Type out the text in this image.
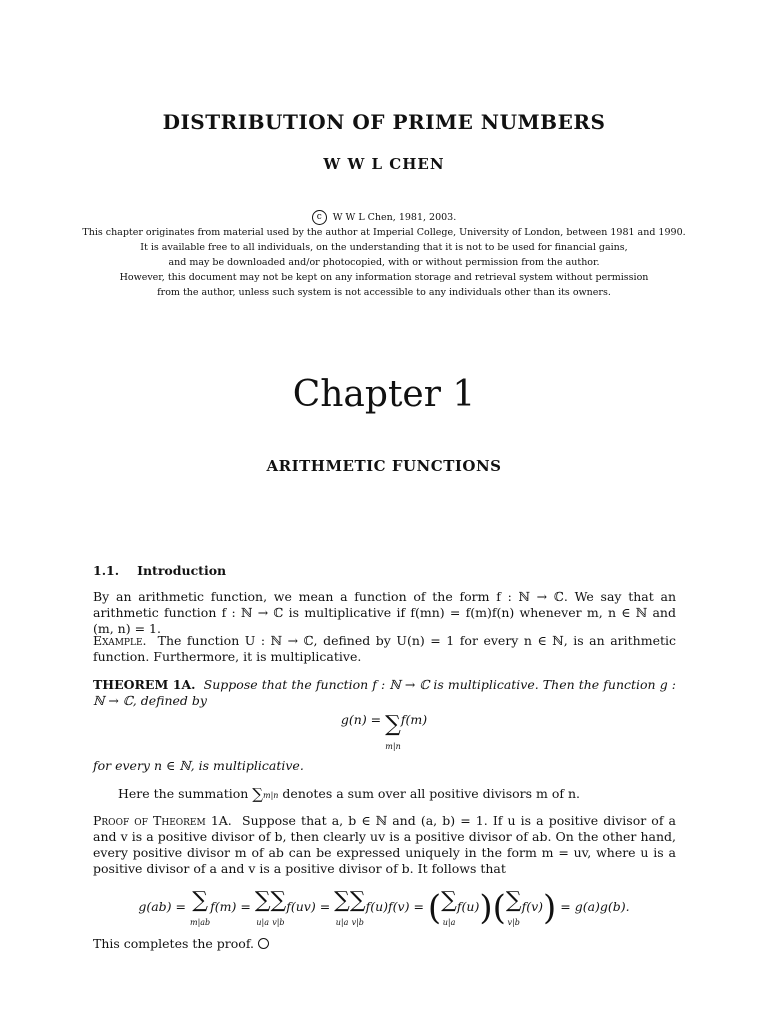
DISTRIBUTION OF PRIME NUMBERS
W W L CHEN
c W W L Chen, 1981, 2003.
This chapter originates from material used by the author at Imperial College, University of London, between 1981 and 1990.
It is available free to all individuals, on the understanding that it is not to be used for financial gains,
and may be downloaded and/or photocopied, with or without permission from the author.
However, this document may not be kept on any information storage and retrieval system without permission
from the author, unless such system is not accessible to any individuals other than its owners.
Chapter 1
ARITHMETIC FUNCTIONS
1.1. Introduction
By an arithmetic function, we mean a function of the form f : ℕ → ℂ. We say that an arithmetic function f : ℕ → ℂ is multiplicative if f(mn) = f(m)f(n) whenever m, n ∈ ℕ and (m, n) = 1.
Example. The function U : ℕ → ℂ, defined by U(n) = 1 for every n ∈ ℕ, is an arithmetic function. Furthermore, it is multiplicative.
THEOREM 1A. Suppose that the function f : ℕ → ℂ is multiplicative. Then the function g : ℕ → ℂ, defined by
g(n) = ∑
m|nf(m)
for every n ∈ ℕ, is multiplicative.
Here the summation ∑m|n denotes a sum over all positive divisors m of n.
Proof of Theorem 1A. Suppose that a, b ∈ ℕ and (a, b) = 1. If u is a positive divisor of a and v is a positive divisor of b, then clearly uv is a positive divisor of ab. On the other hand, every positive divisor m of ab can be expressed uniquely in the form m = uv, where u is a positive divisor of a and v is a positive divisor of b. It follows that
g(ab) = ∑
m|abf(m) = ∑
u|a∑
v|bf(uv) = ∑
u|a∑
v|bf(u)f(v) = (∑
u|af(u))(∑
v|bf(v)) = g(a)g(b).
This completes the proof.
